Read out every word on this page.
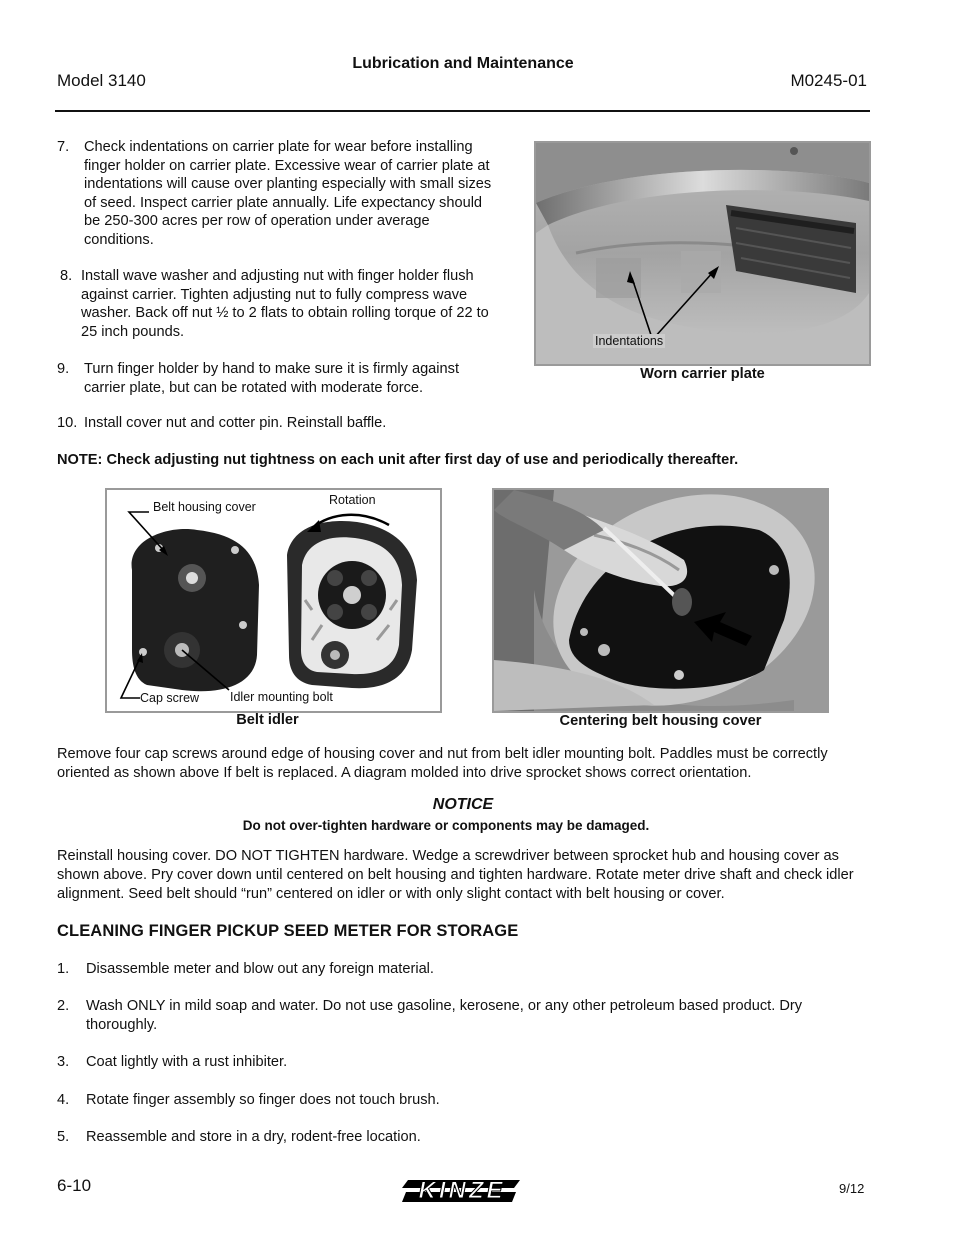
Lubrication and Maintenance
Model 3140	M0245-01
7. Check indentations on carrier plate for wear before installing finger holder on carrier plate. Excessive wear of carrier plate at indentations will cause over planting especially with small sizes of seed. Inspect carrier plate annually. Life expectancy should be 250-300 acres per row of operation under average conditions.
8. Install wave washer and adjusting nut with finger holder flush against carrier. Tighten adjusting nut to fully compress wave washer. Back off nut ½ to 2 flats to obtain rolling torque of 22 to 25 inch pounds.
9. Turn finger holder by hand to make sure it is firmly against carrier plate, but can be rotated with moderate force.
10. Install cover nut and cotter pin. Reinstall baffle.
Indentations
Worn carrier plate
NOTE: Check adjusting nut tightness on each unit after first day of use and periodically thereafter.
Belt housing cover	Rotation
Cap screw Idler mounting bolt
Belt idler	Centering belt housing cover
Remove four cap screws around edge of housing cover and nut from belt idler mounting bolt. Paddles must be correctly oriented as shown above If belt is replaced. A diagram molded into drive sprocket shows correct orientation.
NOTICE
Do not over-tighten hardware or components may be damaged.
Reinstall housing cover. DO NOT TIGHTEN hardware. Wedge a screwdriver between sprocket hub and housing cover as shown above. Pry cover down until centered on belt housing and tighten hardware. Rotate meter drive shaft and check idler alignment. Seed belt should “run” centered on idler or with only slight contact with belt housing or cover.
CLEANING FINGER PICKUP SEED METER FOR STORAGE
1. Disassemble meter and blow out any foreign material.
2. Wash ONLY in mild soap and water. Do not use gasoline, kerosene, or any other petroleum based product. Dry thoroughly.
3. Coat lightly with a rust inhibiter.
4. Rotate finger assembly so finger does not touch brush.
5. Reassemble and store in a dry, rodent-free location.
6-10	KINZE	9/12
